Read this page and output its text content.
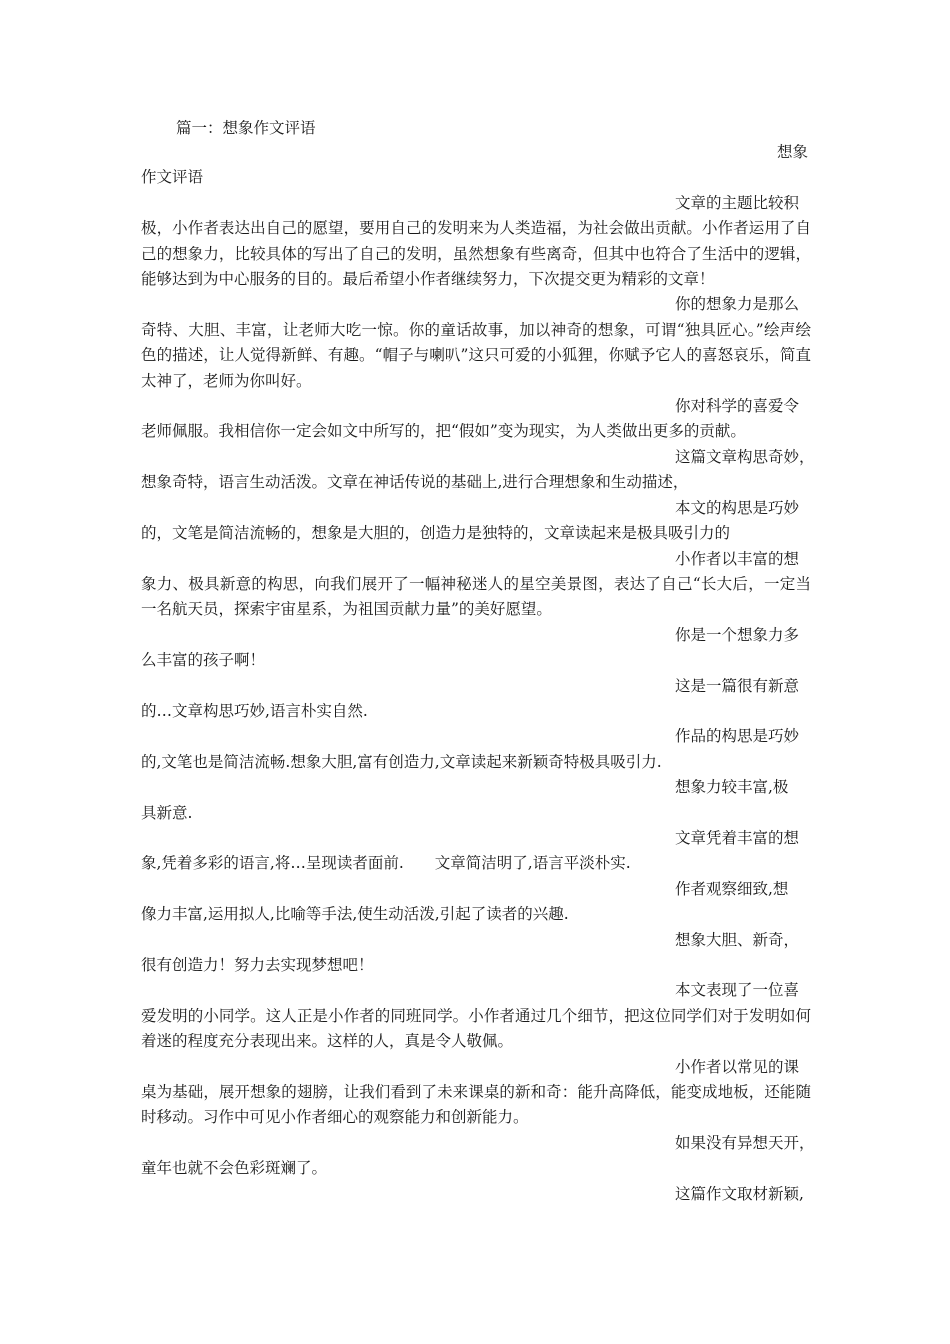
篇一：想象作文评语
想象
作文评语
文章的主题比较积
极，小作者表达出自己的愿望，要用自己的发明来为人类造福，为社会做出贡献。小作者运用了自己的想象力，比较具体的写出了自己的发明，虽然想象有些离奇，但其中也符合了生活中的逻辑，能够达到为中心服务的目的。最后希望小作者继续努力，下次提交更为精彩的文章！
你的想象力是那么
奇特、大胆、丰富，让老师大吃一惊。你的童话故事，加以神奇的想象，可谓“独具匠心。”绘声绘色的描述，让人觉得新鲜、有趣。“帽子与喇叭”这只可爱的小狐狸，你赋予它人的喜怒哀乐，简直太神了，老师为你叫好。
你对科学的喜爱令
老师佩服。我相信你一定会如文中所写的，把“假如”变为现实，为人类做出更多的贡献。
这篇文章构思奇妙，
想象奇特，语言生动活泼。文章在神话传说的基础上,进行合理想象和生动描述，
本文的构思是巧妙
的，文笔是简洁流畅的，想象是大胆的，创造力是独特的，文章读起来是极具吸引力的
小作者以丰富的想
象力、极具新意的构思，向我们展开了一幅神秘迷人的星空美景图，表达了自己“长大后，一定当一名航天员，探索宇宙星系，为祖国贡献力量”的美好愿望。
你是一个想象力多
么丰富的孩子啊！
这是一篇很有新意
的…文章构思巧妙,语言朴实自然.
作品的构思是巧妙
的,文笔也是简洁流畅.想象大胆,富有创造力,文章读起来新颖奇特极具吸引力.
想象力较丰富,极
具新意.
文章凭着丰富的想
象,凭着多彩的语言,将…呈现读者面前.　　文章简洁明了,语言平淡朴实.
作者观察细致,想
像力丰富,运用拟人,比喻等手法,使生动活泼,引起了读者的兴趣.
想象大胆、新奇，
很有创造力！努力去实现梦想吧！
本文表现了一位喜
爱发明的小同学。这人正是小作者的同班同学。小作者通过几个细节，把这位同学们对于发明如何着迷的程度充分表现出来。这样的人，真是令人敬佩。
小作者以常见的课
桌为基础，展开想象的翅膀，让我们看到了未来课桌的新和奇：能升高降低，能变成地板，还能随时移动。习作中可见小作者细心的观察能力和创新能力。
如果没有异想天开，
童年也就不会色彩斑斓了。
这篇作文取材新颖,
